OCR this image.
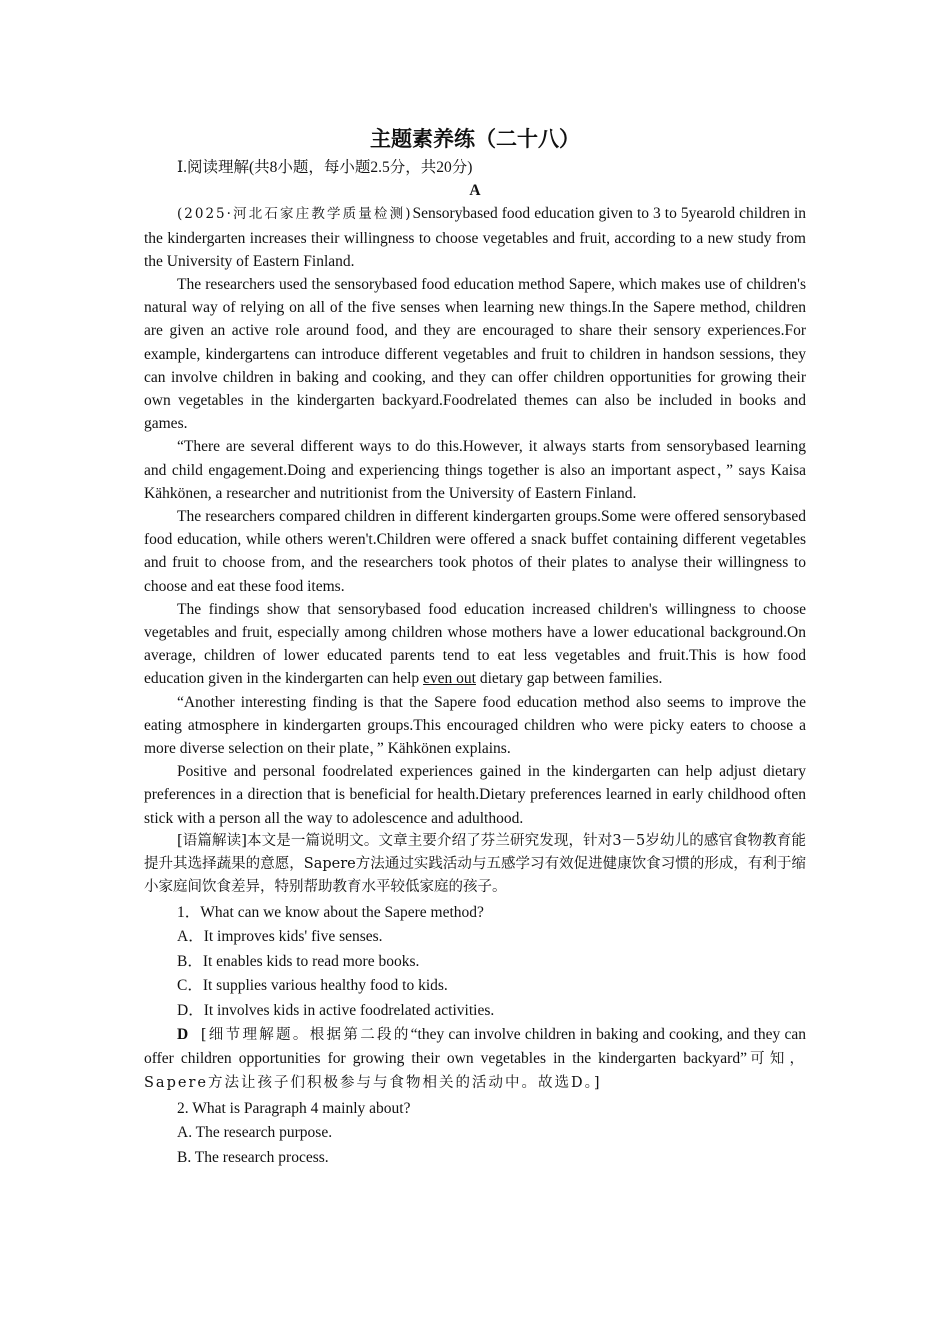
主题素养练（二十八）
Ⅰ.阅读理解(共8小题，每小题2.5分，共20分)
A

(2025·河北石家庄教学质量检测)Sensorybased food education given to 3 to 5yearold children in the kindergarten increases their willingness to choose vegetables and fruit, according to a new study from the University of Eastern Finland.

The researchers used the sensorybased food education method Sapere, which makes use of children's natural way of relying on all of the five senses when learning new things.In the Sapere method, children are given an active role around food, and they are encouraged to share their sensory experiences.For example, kindergartens can introduce different vegetables and fruit to children in handson sessions, they can involve children in baking and cooking, and they can offer children opportunities for growing their own vegetables in the kindergarten backyard.Foodrelated themes can also be included in books and games.

“There are several different ways to do this.However, it always starts from sensorybased learning and child engagement.Doing and experiencing things together is also an important aspect，” says Kaisa Kähkönen, a researcher and nutritionist from the University of Eastern Finland.

The researchers compared children in different kindergarten groups.Some were offered sensorybased food education, while others weren't.Children were offered a snack buffet containing different vegetables and fruit to choose from, and the researchers took photos of their plates to analyse their willingness to choose and eat these food items.

The findings show that sensorybased food education increased children's willingness to choose vegetables and fruit, especially among children whose mothers have a lower educational background.On average, children of lower educated parents tend to eat less vegetables and fruit.This is how food education given in the kindergarten can help even out dietary gap between families.

“Another interesting finding is that the Sapere food education method also seems to improve the eating atmosphere in kindergarten groups.This encouraged children who were picky eaters to choose a more diverse selection on their plate，” Kähkönen explains.

Positive and personal foodrelated experiences gained in the kindergarten can help adjust dietary preferences in a direction that is beneficial for health.Dietary preferences learned in early childhood often stick with a person all the way to adolescence and adulthood.

[语篇解读]本文是一篇说明文。文章主要介绍了芬兰研究发现，针对3－5岁幼儿的感官食物教育能提升其选择蔬果的意愿，Sapere方法通过实践活动与五感学习有效促进健康饮食习惯的形成，有利于缩小家庭间饮食差异，特别帮助教育水平较低家庭的孩子。

1．What can we know about the Sapere method?
A．It improves kids' five senses.
B．It enables kids to read more books.
C．It supplies various healthy food to kids.
D．It involves kids in active foodrelated activities.

D [细节理解题。根据第二段的“they can involve children in baking and cooking, and they can offer children opportunities for growing their own vegetables in the kindergarten backyard”可知，Sapere方法让孩子们积极参与与食物相关的活动中。故选D。]

2. What is Paragraph 4 mainly about?
A. The research purpose.
B. The research process.
